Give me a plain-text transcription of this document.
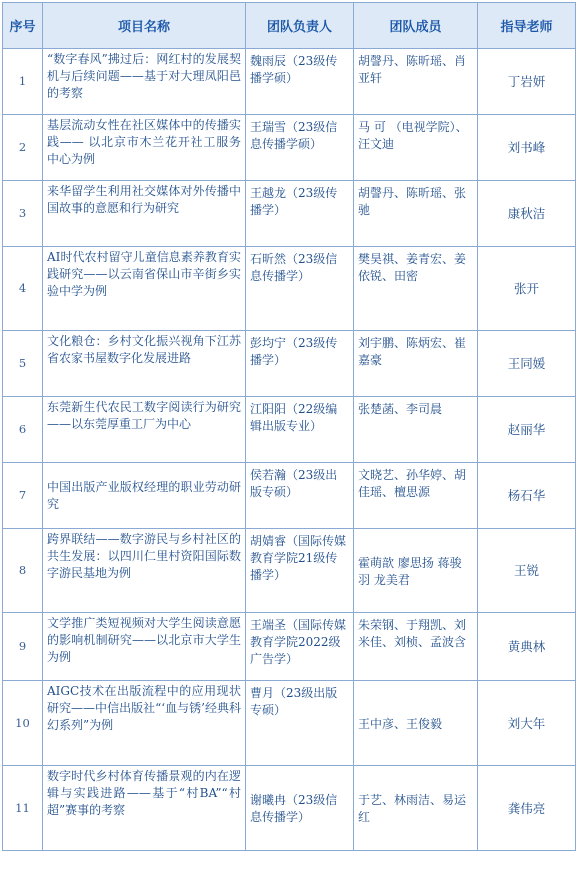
序号	项目名称	团队负责人	团队成员	指导老师
1	“数字春风”拂过后：网红村的发展契机与后续问题——基于对大理凤阳邑的考察	魏雨辰（23级传播学硕）	胡謦丹、陈昕瑶、肖亚轩	丁岩妍
2	基层流动女性在社区媒体中的传播实践—— 以北京市木兰花开社工服务中心为例	王瑞雪（23级信息传播学硕）	马 可 （电视学院）、汪文迪	刘书峰
3	来华留学生利用社交媒体对外传播中国故事的意愿和行为研究	王越龙（23级传播学）	胡謦丹、陈昕瑶、张驰	康秋洁
4	AI时代农村留守儿童信息素养教育实践研究——以云南省保山市辛街乡实验中学为例	石昕然（23级信息传播学）	樊昊祺、姜青宏、姜依锐、田密	张开
5	文化粮仓：乡村文化振兴视角下江苏省农家书屋数字化发展进路	彭均宁（23级传播学）	刘宇鹏、陈炳宏、崔嘉豪	王同媛
6	东莞新生代农民工数字阅读行为研究——以东莞厚重工厂为中心	江阳阳（22级编辑出版专业）	张楚菡、李司晨	赵丽华
7	中国出版产业版权经理的职业劳动研究	侯若瀚（23级出版专硕）	文晓艺、孙华婷、胡佳瑶、檀思源	杨石华
8	跨界联结——数字游民与乡村社区的共生发展：以四川仁里村资阳国际数字游民基地为例	胡婧睿（国际传媒教育学院21级传播学）	霍萌歆 廖思扬 蒋骏羽 龙美君	王锐
9	文学推广类短视频对大学生阅读意愿的影响机制研究——以北京市大学生为例	王端圣（国际传媒教育学院2022级广告学）	朱荣钢、于翔凯、刘米佳、刘桢、孟波含	黄典林
10	AIGC技术在出版流程中的应用现状研究——中信出版社“‘血与锈’经典科幻系列”为例	曹月（23级出版专硕）	王中彦、王俊毅	刘大年
11	数字时代乡村体育传播景观的内在逻辑与实践进路——基于“村BA”“村超”赛事的考察	谢曦冉（23级信息传播学）	于艺、林雨洁、易运红	龚伟亮
